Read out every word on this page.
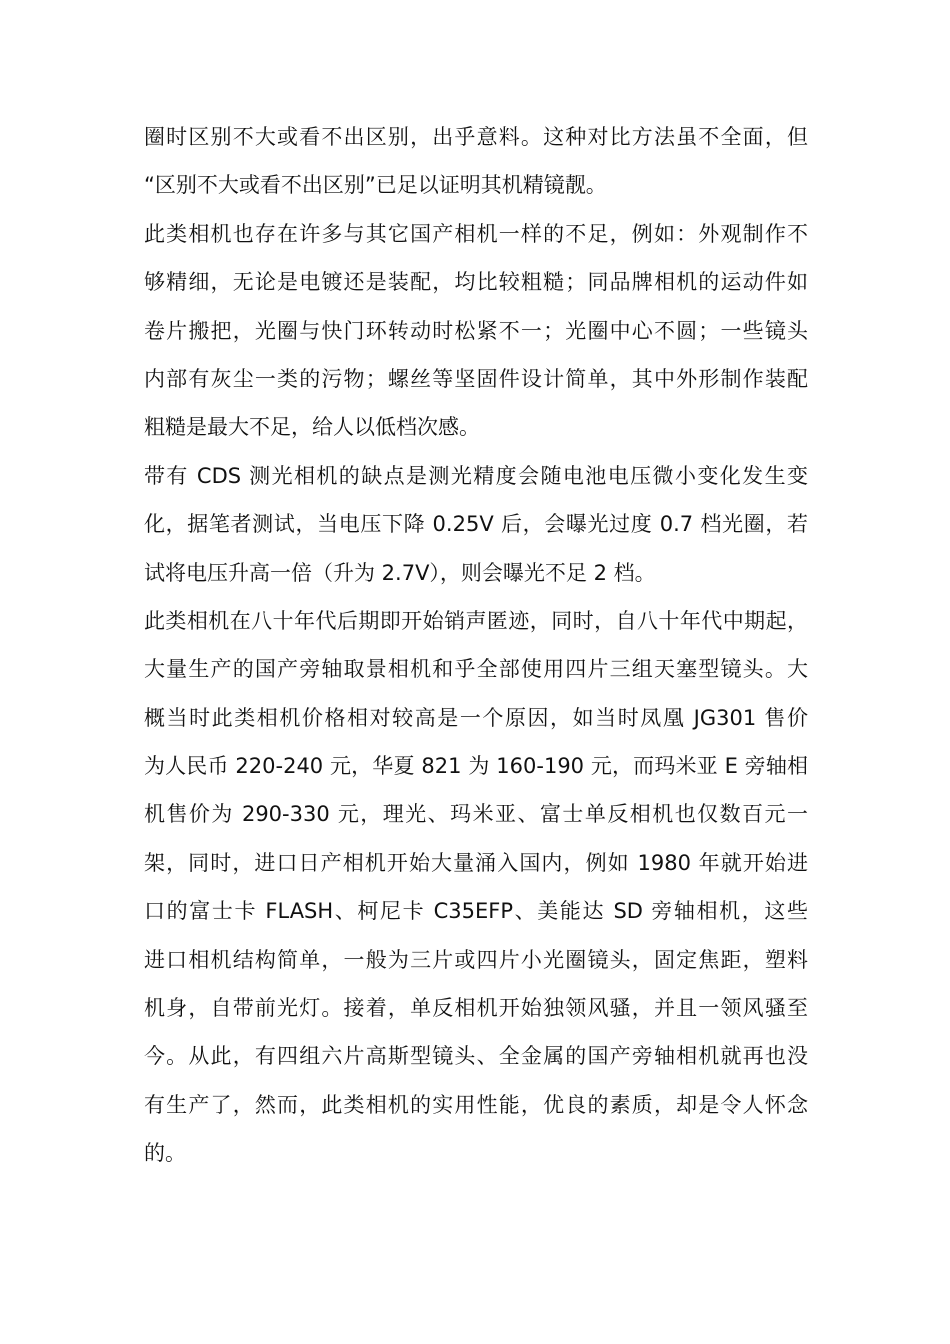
圈时区别不大或看不出区别，出乎意料。这种对比方法虽不全面，但
“区别不大或看不出区别”已足以证明其机精镜靓。
此类相机也存在许多与其它国产相机一样的不足，例如：外观制作不
够精细，无论是电镀还是装配，均比较粗糙；同品牌相机的运动件如
卷片搬把，光圈与快门环转动时松紧不一；光圈中心不圆；一些镜头
内部有灰尘一类的污物；螺丝等坚固件设计简单，其中外形制作装配
粗糙是最大不足，给人以低档次感。
带有 CDS 测光相机的缺点是测光精度会随电池电压微小变化发生变
化，据笔者测试，当电压下降 0.25V 后，会曝光过度 0.7 档光圈，若
试将电压升高一倍（升为 2.7V），则会曝光不足 2 档。
此类相机在八十年代后期即开始销声匿迹，同时，自八十年代中期起，
大量生产的国产旁轴取景相机和乎全部使用四片三组天塞型镜头。大
概当时此类相机价格相对较高是一个原因，如当时凤凰 JG301 售价
为人民币 220-240 元，华夏 821 为 160-190 元，而玛米亚 E 旁轴相
机售价为 290-330 元，理光、玛米亚、富士单反相机也仅数百元一
架，同时，进口日产相机开始大量涌入国内，例如 1980 年就开始进
口的富士卡 FLASH、柯尼卡 C35EFP、美能达 SD 旁轴相机，这些
进口相机结构简单，一般为三片或四片小光圈镜头，固定焦距，塑料
机身，自带前光灯。接着，单反相机开始独领风骚，并且一领风骚至
今。从此，有四组六片高斯型镜头、全金属的国产旁轴相机就再也没
有生产了，然而，此类相机的实用性能，优良的素质，却是令人怀念
的。
